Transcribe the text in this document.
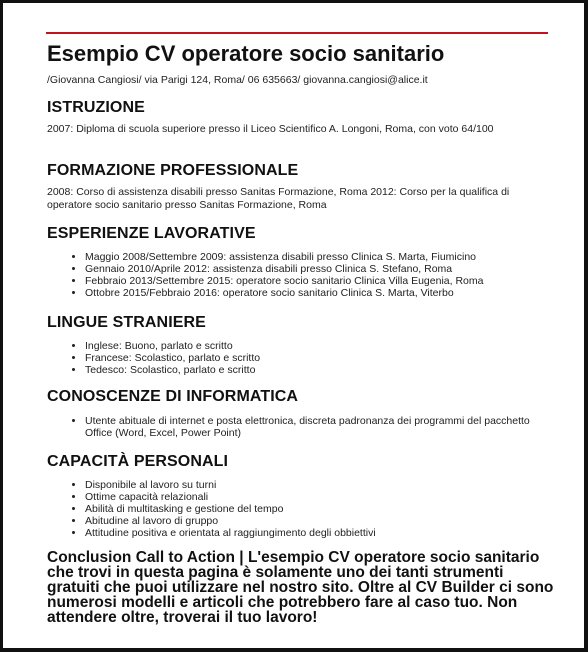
Esempio CV operatore socio sanitario
/Giovanna Cangiosi/ via Parigi 124, Roma/ 06 635663/ giovanna.cangiosi@alice.it
ISTRUZIONE

2007: Diploma di scuola superiore presso il Liceo Scientifico A. Longoni, Roma, con voto 64/100

FORMAZIONE PROFESSIONALE

2008: Corso di assistenza disabili presso Sanitas Formazione, Roma 2012: Corso per la qualifica di operatore socio sanitario presso Sanitas Formazione, Roma

ESPERIENZE LAVORATIVE
• Maggio 2008/Settembre 2009: assistenza disabili presso Clinica S. Marta, Fiumicino
• Gennaio 2010/Aprile 2012: assistenza disabili presso Clinica S. Stefano, Roma
• Febbraio 2013/Settembre 2015: operatore socio sanitario Clinica Villa Eugenia, Roma
• Ottobre 2015/Febbraio 2016: operatore socio sanitario Clinica S. Marta, Viterbo
LINGUE STRANIERE
• Inglese: Buono, parlato e scritto
• Francese: Scolastico, parlato e scritto
• Tedesco: Scolastico, parlato e scritto
CONOSCENZE DI INFORMATICA
• Utente abituale di internet e posta elettronica, discreta padronanza dei programmi del pacchetto Office (Word, Excel, Power Point)
CAPACITÀ PERSONALI
• Disponibile al lavoro su turni
• Ottime capacità relazionali
• Abilità di multitasking e gestione del tempo
• Abitudine al lavoro di gruppo
• Attitudine positiva e orientata al raggiungimento degli obbiettivi

Conclusion Call to Action | L'esempio CV operatore socio sanitario che trovi in questa pagina è solamente uno dei tanti strumenti gratuiti che puoi utilizzare nel nostro sito. Oltre al CV Builder ci sono numerosi modelli e articoli che potrebbero fare al caso tuo. Non attendere oltre, troverai il tuo lavoro!
